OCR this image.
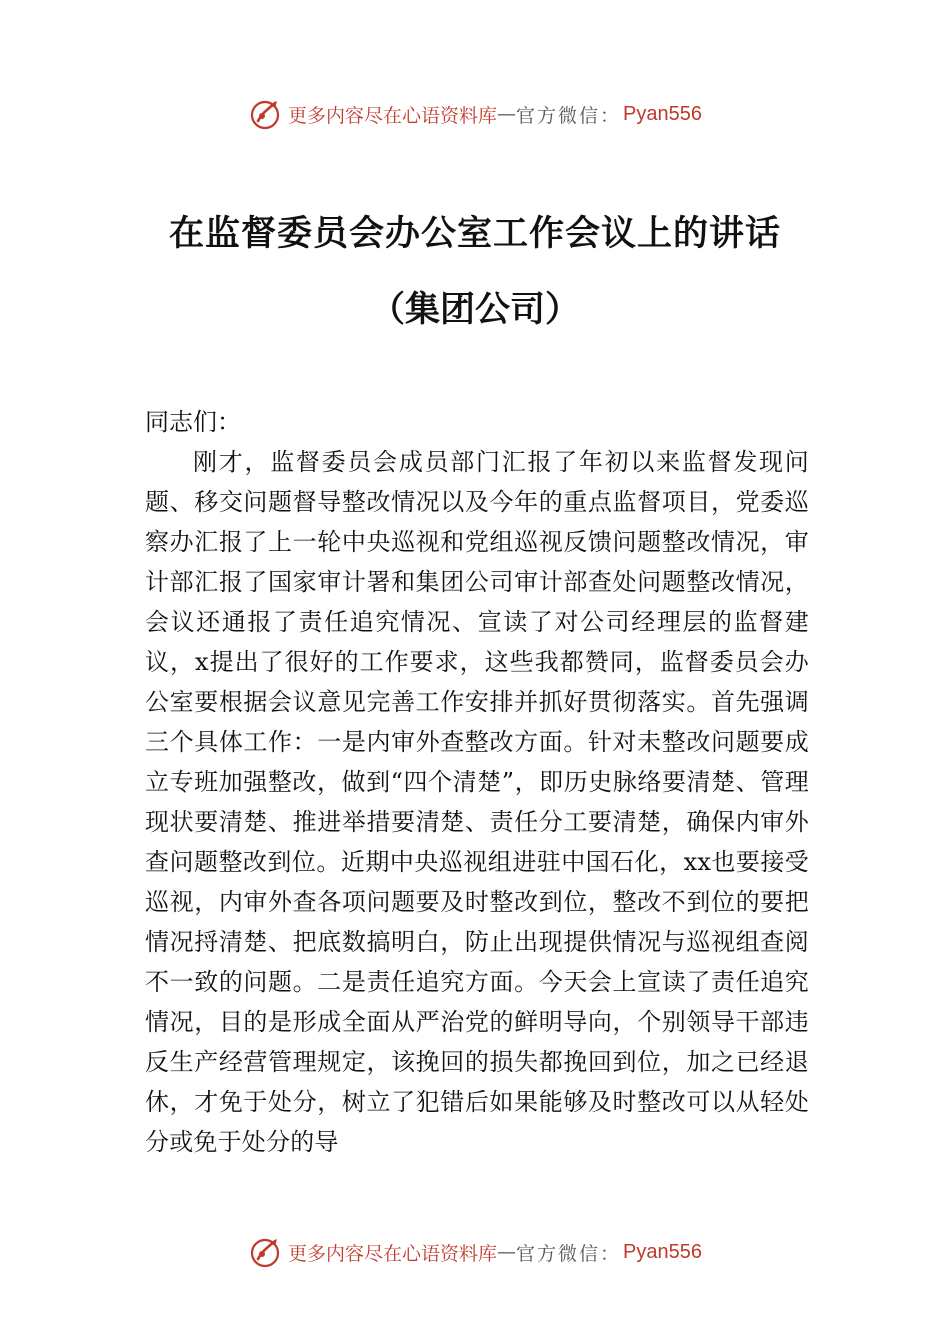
更多内容尽在心语资料库 — 官方微信： Pyan556
在监督委员会办公室工作会议上的讲话
（集团公司）

同志们：

刚才，监督委员会成员部门汇报了年初以来监督发现问题、移交问题督导整改情况以及今年的重点监督项目，党委巡察办汇报了上一轮中央巡视和党组巡视反馈问题整改情况，审计部汇报了国家审计署和集团公司审计部查处问题整改情况，会议还通报了责任追究情况、宣读了对公司经理层的监督建议，x提出了很好的工作要求，这些我都赞同，监督委员会办公室要根据会议意见完善工作安排并抓好贯彻落实。首先强调三个具体工作：一是内审外查整改方面。针对未整改问题要成立专班加强整改，做到“四个清楚”，即历史脉络要清楚、管理现状要清楚、推进举措要清楚、责任分工要清楚，确保内审外查问题整改到位。近期中央巡视组进驻中国石化，xx也要接受巡视，内审外查各项问题要及时整改到位，整改不到位的要把情况捋清楚、把底数搞明白，防止出现提供情况与巡视组查阅不一致的问题。二是责任追究方面。今天会上宣读了责任追究情况，目的是形成全面从严治党的鲜明导向，个别领导干部违反生产经营管理规定，该挽回的损失都挽回到位，加之已经退休，才免于处分，树立了犯错后如果能够及时整改可以从轻处分或免于处分的导

更多内容尽在心语资料库 — 官方微信： Pyan556
